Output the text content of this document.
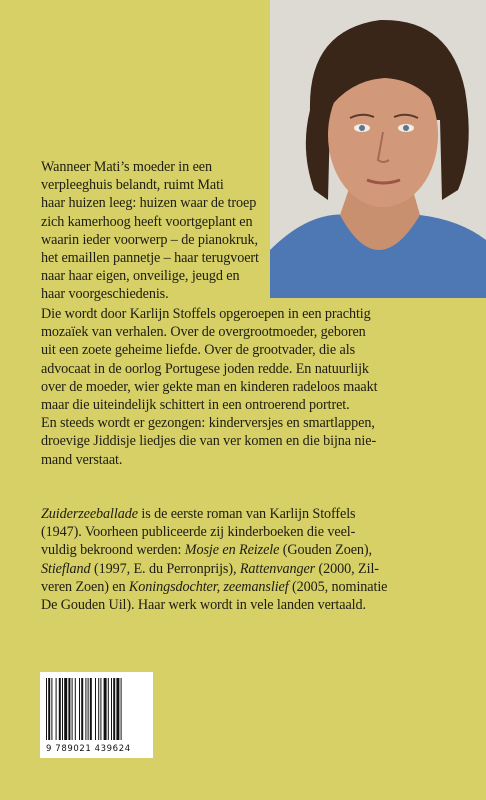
Wanneer Mati’s moeder in een
verpleeghuis belandt, ruimt Mati
haar huizen leeg: huizen waar de troep
zich kamerhoog heeft voortgeplant en
waarin ieder voorwerp – de pianokruk,
het emaillen pannetje – haar terugvoert
naar haar eigen, onveilige, jeugd en
haar voorgeschiedenis.

Die wordt door Karlijn Stoffels opgeroepen in een prachtig
mozaïek van verhalen. Over de overgrootmoeder, geboren
uit een zoete geheime liefde. Over de grootvader, die als
advocaat in de oorlog Portugese joden redde. En natuurlijk
over de moeder, wier gekte man en kinderen radeloos maakt
maar die uiteindelijk schittert in een ontroerend portret.
En steeds wordt er gezongen: kinderversjes en smartlappen,
droevige Jiddisje liedjes die van ver komen en die bijna nie-
mand verstaat.

Zuiderzeeballade is de eerste roman van Karlijn Stoffels
(1947). Voorheen publiceerde zij kinderboeken die veel-
vuldig bekroond werden: Mosje en Reizele (Gouden Zoen),
Stiefland (1997, E. du Perronprijs), Rattenvanger (2000, Zil-
veren Zoen) en Koningsdochter, zeemanslief (2005, nominatie
De Gouden Uil). Haar werk wordt in vele landen vertaald.

9 789021 439624
